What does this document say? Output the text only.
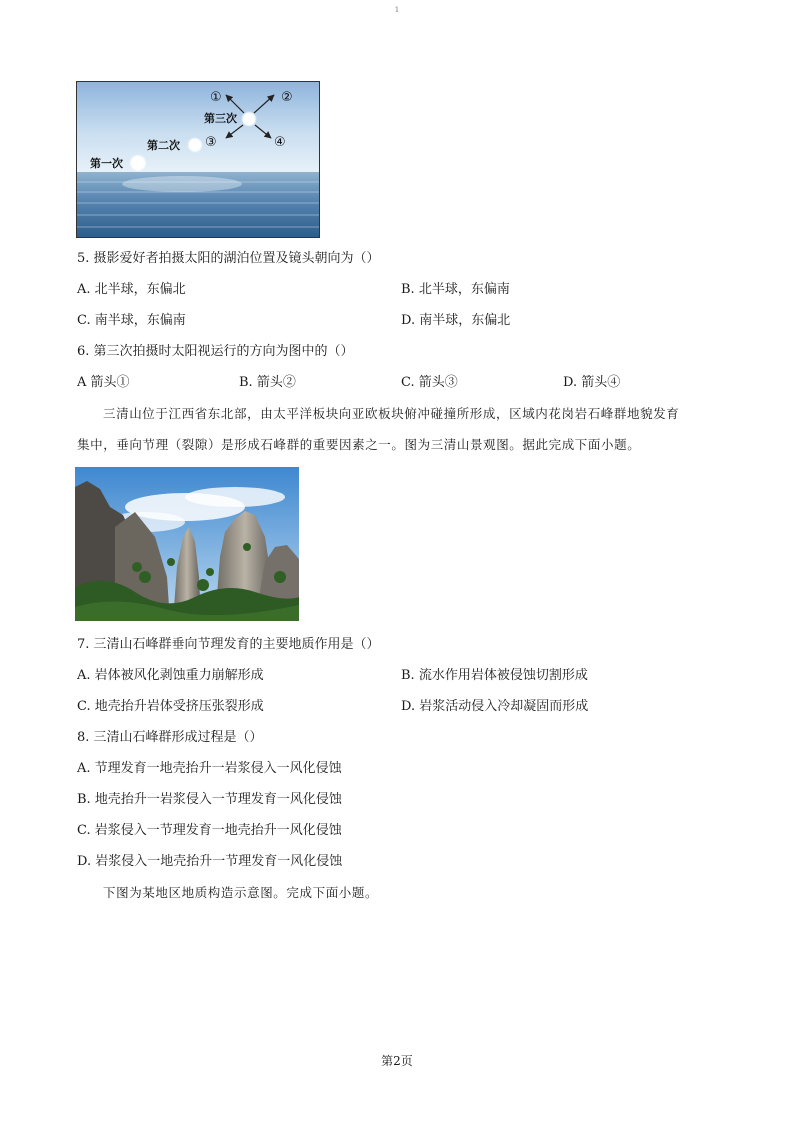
1
第一次
第二次
第三次
①	②
③	④
5. 摄影爱好者拍摄太阳的湖泊位置及镜头朝向为（）
A. 北半球，东偏北	B. 北半球，东偏南
C. 南半球，东偏南	D. 南半球，东偏北
6. 第三次拍摄时太阳视运行的方向为图中的（）
A 箭头①	B. 箭头②	C. 箭头③	D. 箭头④
三清山位于江西省东北部，由太平洋板块向亚欧板块俯冲碰撞所形成，区域内花岗岩石峰群地貌发育
集中，垂向节理（裂隙）是形成石峰群的重要因素之一。图为三清山景观图。据此完成下面小题。
7. 三清山石峰群垂向节理发育的主要地质作用是（）
A. 岩体被风化剥蚀重力崩解形成	B. 流水作用岩体被侵蚀切割形成
C. 地壳抬升岩体受挤压张裂形成	D. 岩浆活动侵入冷却凝固而形成
8. 三清山石峰群形成过程是（）
A. 节理发育一地壳抬升一岩浆侵入一风化侵蚀
B. 地壳抬升一岩浆侵入一节理发育一风化侵蚀
C. 岩浆侵入一节理发育一地壳抬升一风化侵蚀
D. 岩浆侵入一地壳抬升一节理发育一风化侵蚀
下图为某地区地质构造示意图。完成下面小题。
第2页
